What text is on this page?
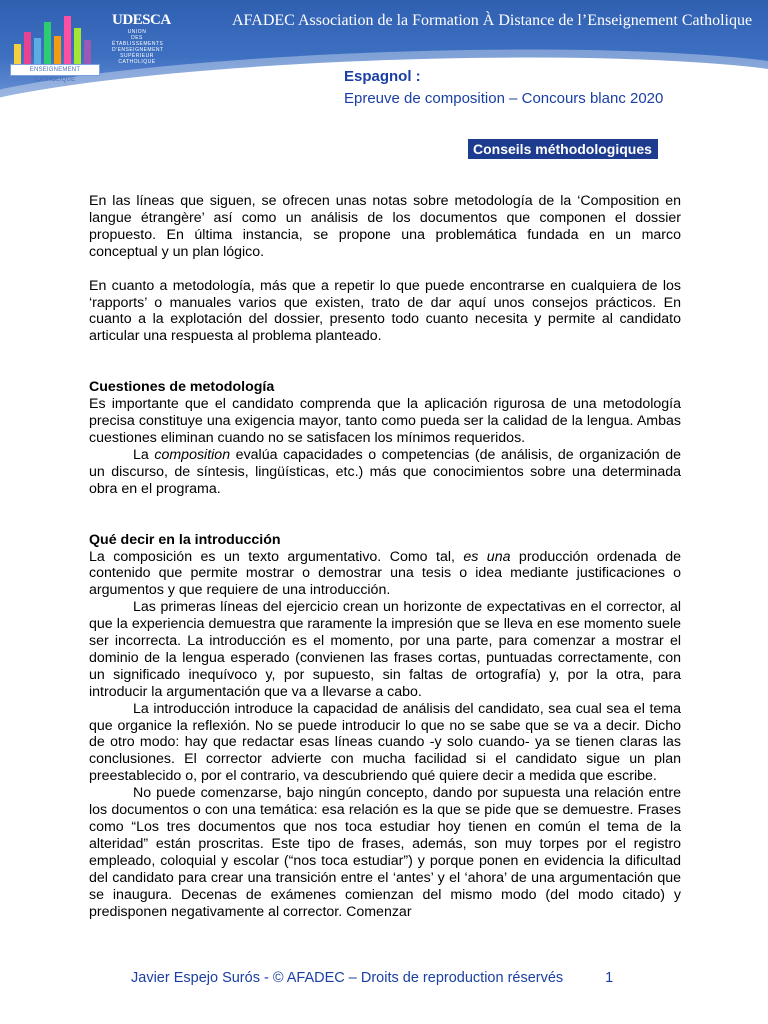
ENSEIGNEMENT CATHOLIQUE
UDESCA
UNION
DES
ÉTABLISSEMENTS
D'ENSEIGNEMENT
SUPÉRIEUR
CATHOLIQUE
AFADEC Association de la Formation À Distance de l’Enseignement Catholique
Espagnol :
Epreuve de composition – Concours blanc 2020
Conseils méthodologiques

En las líneas que siguen, se ofrecen unas notas sobre metodología de la ‘Composition en langue étrangère’ así como un análisis de los documentos que componen el dossier propuesto. En última instancia, se propone una problemática fundada en un marco conceptual y un plan lógico.

En cuanto a metodología, más que a repetir lo que puede encontrarse en cualquiera de los ‘rapports’ o manuales varios que existen, trato de dar aquí unos consejos prácticos. En cuanto a la explotación del dossier, presento todo cuanto necesita y permite al candidato articular una respuesta al problema planteado.

Cuestiones de metodología

Es importante que el candidato comprenda que la aplicación rigurosa de una metodología precisa constituye una exigencia mayor, tanto como pueda ser la calidad de la lengua. Ambas cuestiones eliminan cuando no se satisfacen los mínimos requeridos.

La composition evalúa capacidades o competencias (de análisis, de organización de un discurso, de síntesis, lingüísticas, etc.) más que conocimientos sobre una determinada obra en el programa.

Qué decir en la introducción

La composición es un texto argumentativo. Como tal, es una producción ordenada de contenido que permite mostrar o demostrar una tesis o idea mediante justificaciones o argumentos y que requiere de una introducción.

Las primeras líneas del ejercicio crean un horizonte de expectativas en el corrector, al que la experiencia demuestra que raramente la impresión que se lleva en ese momento suele ser incorrecta. La introducción es el momento, por una parte, para comenzar a mostrar el dominio de la lengua esperado (convienen las frases cortas, puntuadas correctamente, con un significado inequívoco y, por supuesto, sin faltas de ortografía) y, por la otra, para introducir la argumentación que va a llevarse a cabo.

La introducción introduce la capacidad de análisis del candidato, sea cual sea el tema que organice la reflexión. No se puede introducir lo que no se sabe que se va a decir. Dicho de otro modo: hay que redactar esas líneas cuando -y solo cuando- ya se tienen claras las conclusiones. El corrector advierte con mucha facilidad si el candidato sigue un plan preestablecido o, por el contrario, va descubriendo qué quiere decir a medida que escribe.

No puede comenzarse, bajo ningún concepto, dando por supuesta una relación entre los documentos o con una temática: esa relación es la que se pide que se demuestre. Frases como “Los tres documentos que nos toca estudiar hoy tienen en común el tema de la alteridad” están proscritas. Este tipo de frases, además, son muy torpes por el registro empleado, coloquial y escolar (“nos toca estudiar”) y porque ponen en evidencia la dificultad del candidato para crear una transición entre el ‘antes’ y el ‘ahora’ de una argumentación que se inaugura. Decenas de exámenes comienzan del mismo modo (del modo citado) y predisponen negativamente al corrector. Comenzar

Javier Espejo Surós - © AFADEC – Droits de reproduction réservés	1
